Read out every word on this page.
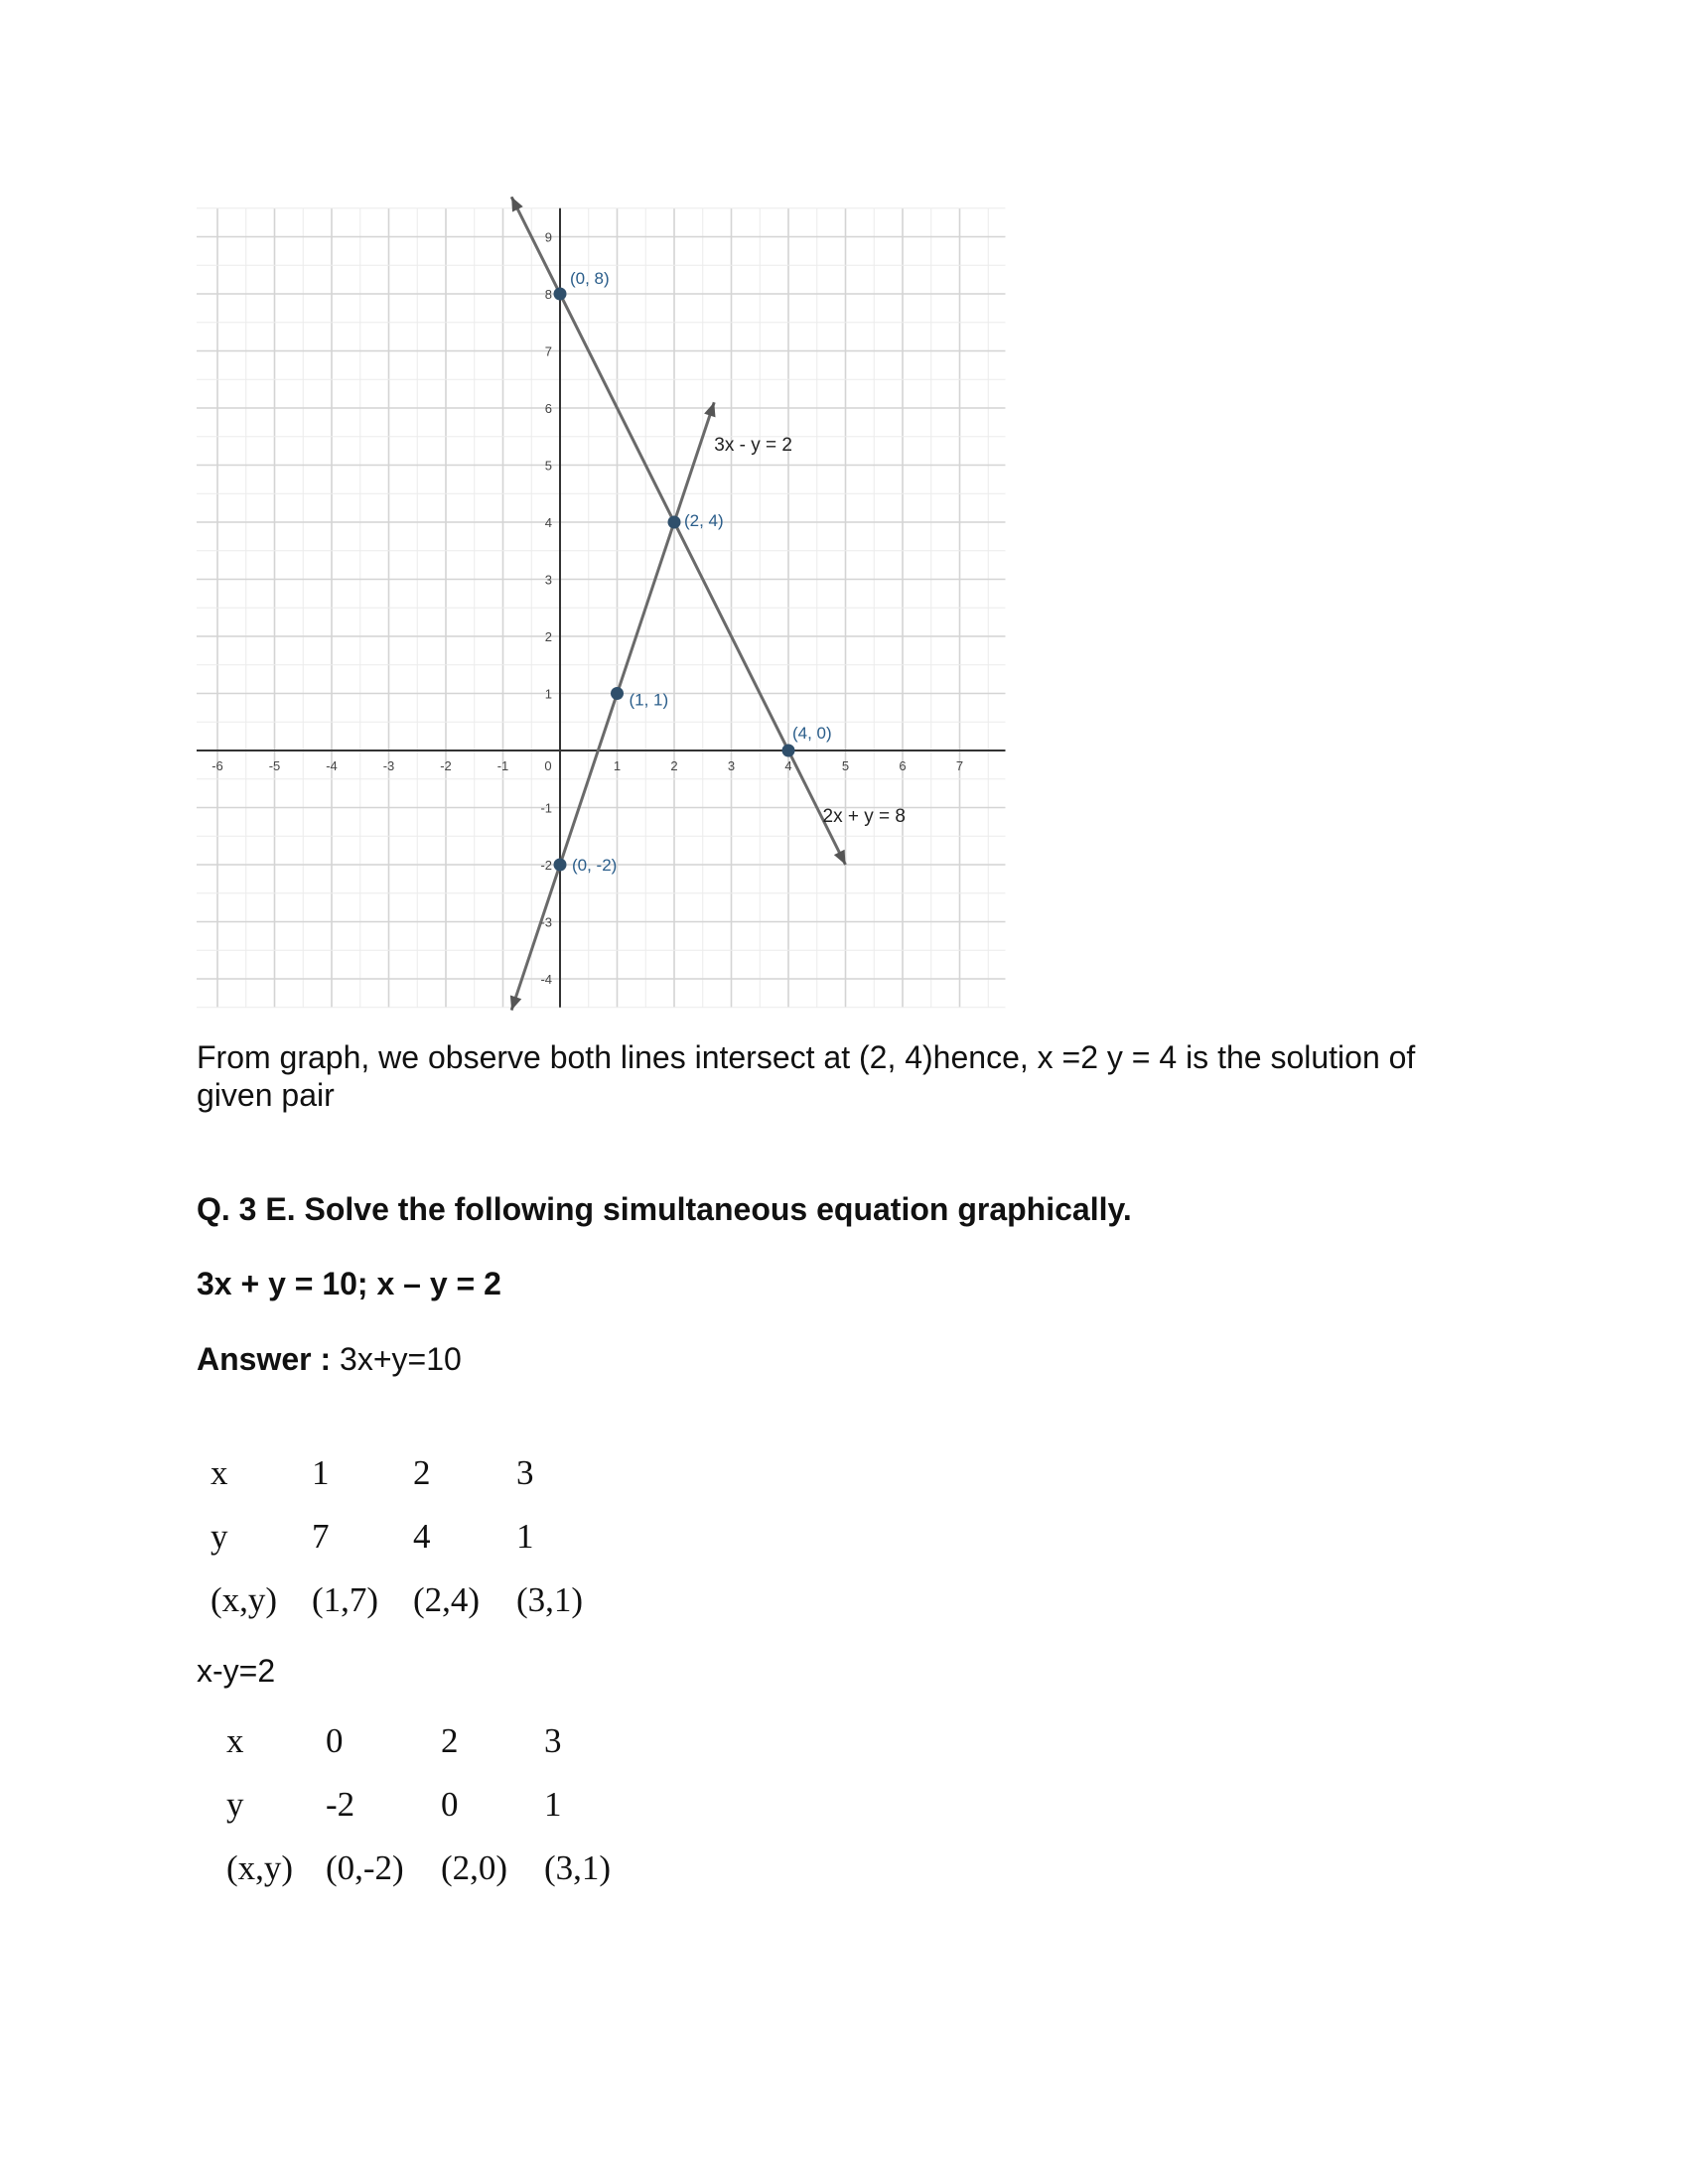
-6	-5	-4	-3	-2	-1	0	1	2	3	4	5	6	7
-4
-3
-2
-1
1
2
3
4
5
6
7
8
9
(0, 8)
(2, 4)
(4, 0)
(0, -2)
(1, 1)
2x + y = 8
3x - y = 2
From graph, we observe both lines intersect at (2, 4)hence, x =2 y = 4 is the solution of given pair
Q. 3 E. Solve the following simultaneous equation graphically.
3x + y = 10; x – y = 2
Answer : 3x+y=10
x	1	2	3
y	7	4	1
(x,y)	(1,7)	(2,4)	(3,1)
x-y=2
x	0	2	3
y	-2	0	1
(x,y)	(0,-2)	(2,0)	(3,1)
